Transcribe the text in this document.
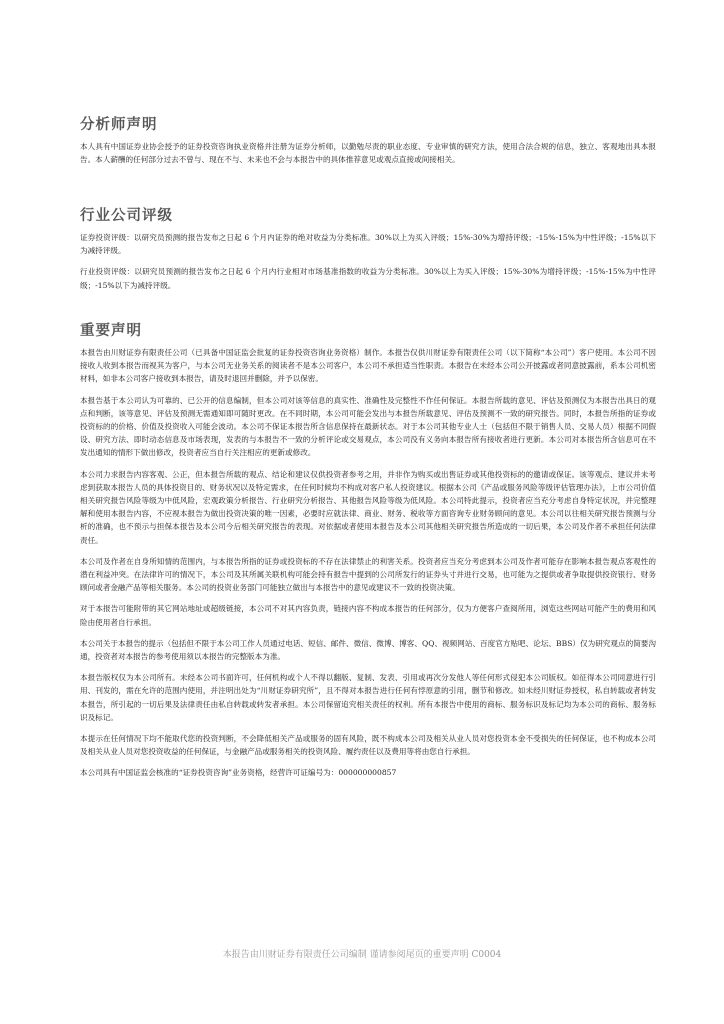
分析师声明
本人具有中国证券业协会授予的证券投资咨询执业资格并注册为证券分析师，以勤勉尽责的职业态度、专业审慎的研究方法，使用合法合规的信息，独立、客观地出具本报告。本人薪酬的任何部分过去不曾与、现在不与、未来也不会与本报告中的具体推荐意见或观点直接或间接相关。
行业公司评级
证券投资评级：以研究员预测的报告发布之日起 6 个月内证券的绝对收益为分类标准。30%以上为买入评级；15%-30%为增持评级；-15%-15%为中性评级；-15%以下为减持评级。
行业投资评级：以研究员预测的报告发布之日起 6 个月内行业相对市场基准指数的收益为分类标准。30%以上为买入评级；15%-30%为增持评级；-15%-15%为中性评级；-15%以下为减持评级。
重要声明
本报告由川财证券有限责任公司（已具备中国证监会批复的证券投资咨询业务资格）制作。本报告仅供川财证券有限责任公司（以下简称“本公司”）客户使用。本公司不因接收人收到本报告而视其为客户，与本公司无业务关系的阅读者不是本公司客户，本公司不承担适当性职责。本报告在未经本公司公开披露或者同意披露前，系本公司机密材料，如非本公司客户接收到本报告，请及时退回并删除，并予以保密。
本报告基于本公司认为可靠的、已公开的信息编制，但本公司对该等信息的真实性、准确性及完整性不作任何保证。本报告所载的意见、评估及预测仅为本报告出具日的观点和判断，该等意见、评估及预测无需通知即可随时更改。在不同时期，本公司可能会发出与本报告所载意见、评估及预测不一致的研究报告。同时，本报告所指的证券或投资标的的价格、价值及投资收入可能会波动。本公司不保证本报告所含信息保持在最新状态。对于本公司其他专业人士（包括但不限于销售人员、交易人员）根据不同假设、研究方法、即时动态信息及市场表现，发表的与本报告不一致的分析评论或交易观点，本公司没有义务向本报告所有接收者进行更新。本公司对本报告所含信息可在不发出通知的情形下做出修改，投资者应当自行关注相应的更新或修改。
本公司力求报告内容客观、公正，但本报告所载的观点、结论和建议仅供投资者参考之用，并非作为购买或出售证券或其他投资标的的邀请或保证。该等观点、建议并未考虑到获取本报告人员的具体投资目的、财务状况以及特定需求，在任何时候均不构成对客户私人投资建议。根据本公司《产品或服务风险等级评估管理办法》，上市公司价值相关研究报告风险等级为中低风险，宏观政策分析报告、行业研究分析报告、其他报告风险等级为低风险。本公司特此提示，投资者应当充分考虑自身特定状况，并完整理解和使用本报告内容，不应视本报告为做出投资决策的唯一因素，必要时应就法律、商业、财务、税收等方面咨询专业财务顾问的意见。本公司以往相关研究报告预测与分析的准确，也不预示与担保本报告及本公司今后相关研究报告的表现。对依据或者使用本报告及本公司其他相关研究报告所造成的一切后果，本公司及作者不承担任何法律责任。
本公司及作者在自身所知情的范围内，与本报告所指的证券或投资标的不存在法律禁止的利害关系。投资者应当充分考虑到本公司及作者可能存在影响本报告观点客观性的潜在利益冲突。在法律许可的情况下，本公司及其所属关联机构可能会持有报告中提到的公司所发行的证券头寸并进行交易，也可能为之提供或者争取提供投资银行、财务顾问或者金融产品等相关服务。本公司的投资业务部门可能独立做出与本报告中的意见或建议不一致的投资决策。
对于本报告可能附带的其它网站地址或超级链接，本公司不对其内容负责，链接内容不构成本报告的任何部分，仅为方便客户查阅所用，浏览这些网站可能产生的费用和风险由使用者自行承担。
本公司关于本报告的提示（包括但不限于本公司工作人员通过电话、短信、邮件、微信、微博、博客、QQ、视频网站、百度官方贴吧、论坛、BBS）仅为研究观点的简要沟通，投资者对本报告的参考使用须以本报告的完整版本为准。
本报告版权仅为本公司所有。未经本公司书面许可，任何机构或个人不得以翻版、复制、发表、引用或再次分发他人等任何形式侵犯本公司版权。如征得本公司同意进行引用、刊发的，需在允许的范围内使用，并注明出处为“川财证券研究所”，且不得对本报告进行任何有悖原意的引用，删节和修改。如未经川财证券授权，私自转载或者转发本报告，所引起的一切后果及法律责任由私自转载或转发者承担。本公司保留追究相关责任的权利。所有本报告中使用的商标、服务标识及标记均为本公司的商标、服务标识及标记。
本提示在任何情况下均不能取代您的投资判断，不会降低相关产品或服务的固有风险，既不构成本公司及相关从业人员对您投资本金不受损失的任何保证，也不构成本公司及相关从业人员对您投资收益的任何保证，与金融产品或服务相关的投资风险、履约责任以及费用等将由您自行承担。
本公司具有中国证监会核准的“证券投资咨询”业务资格，经营许可证编号为：000000000857
本报告由川财证券有限责任公司编制 谨请参阅尾页的重要声明 C0004
